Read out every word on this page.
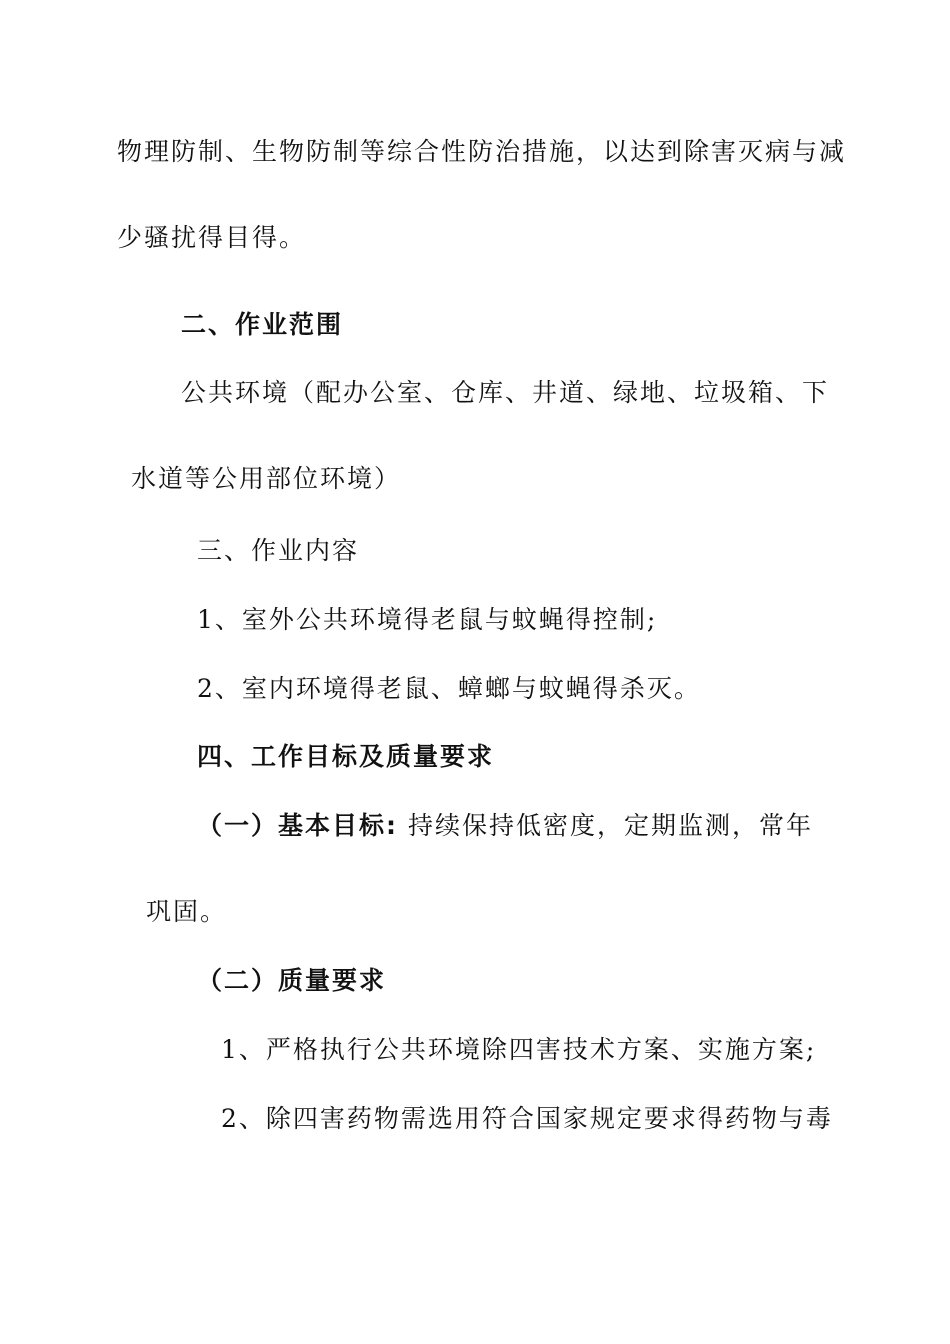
物理防制、生物防制等综合性防治措施，以达到除害灭病与减
少骚扰得目得。
二、作业范围
公共环境（配办公室、仓库、井道、绿地、垃圾箱、下
水道等公用部位环境）
三、作业内容
1、室外公共环境得老鼠与蚊蝇得控制;
2、室内环境得老鼠、蟑螂与蚊蝇得杀灭。
四、工作目标及质量要求
（一）基本目标: 持续保持低密度，定期监测，常年
巩固。
（二）质量要求
1、严格执行公共环境除四害技术方案、实施方案;
2、除四害药物需选用符合国家规定要求得药物与毒
